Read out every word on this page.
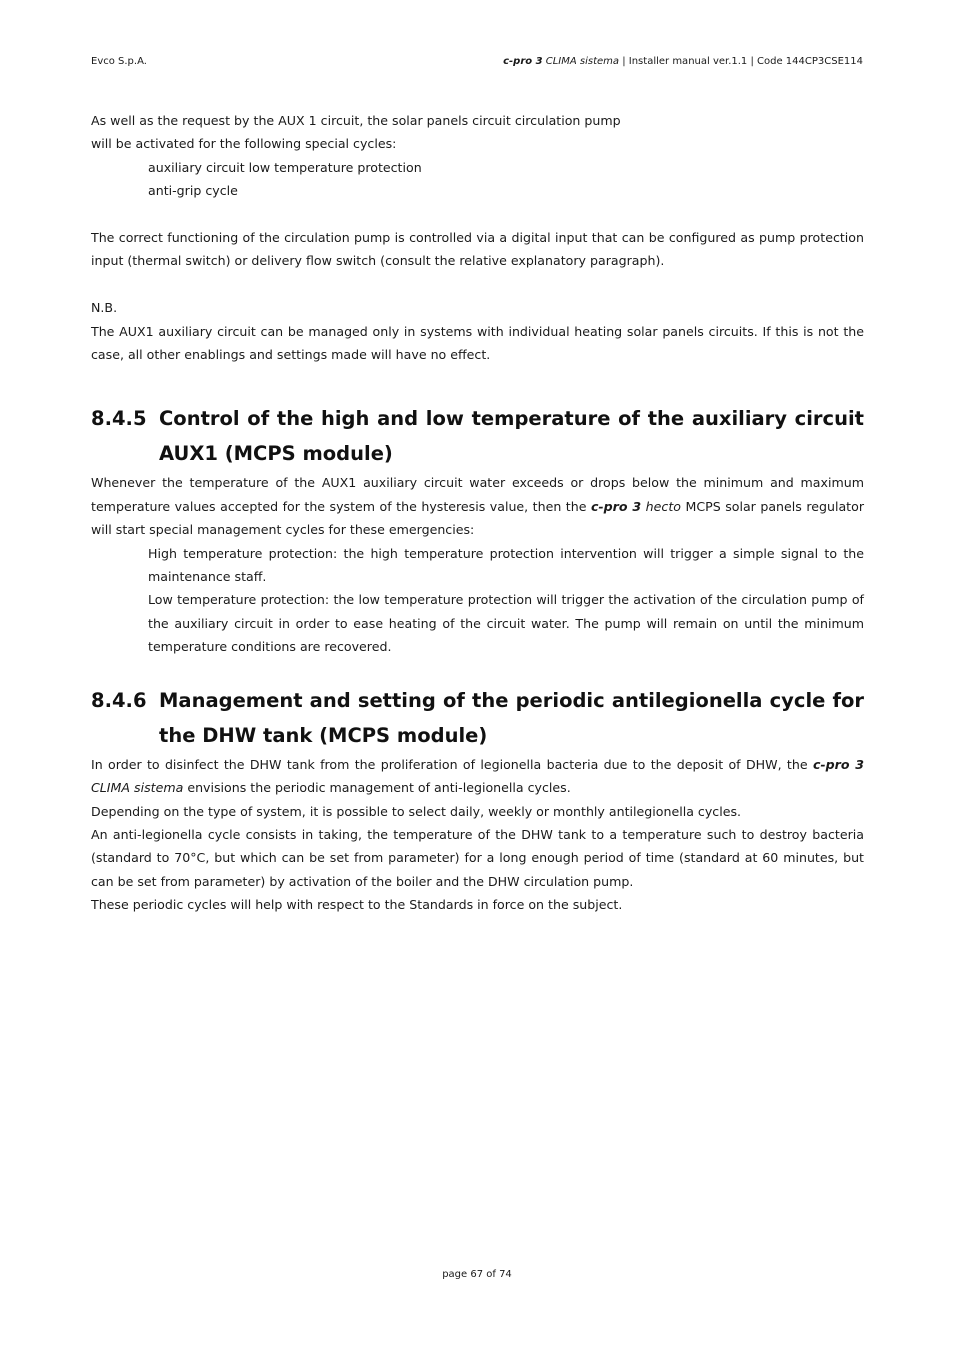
Evco S.p.A.	c-pro 3 CLIMA sistema | Installer manual ver.1.1 | Code 144CP3CSE114

As well as the request by the AUX 1 circuit, the solar panels circuit circulation pump

will be activated for the following special cycles:

auxiliary circuit low temperature protection

anti-grip cycle

The correct functioning of the circulation pump is controlled via a digital input that can be configured as pump protection input (thermal switch) or delivery flow switch (consult the relative explanatory paragraph).

N.B.

The AUX1 auxiliary circuit can be managed only in systems with individual heating solar panels circuits. If this is not the case, all other enablings and settings made will have no effect.

8.4.5 Control of the high and low temperature of the auxiliary circuit AUX1 (MCPS module)

Whenever the temperature of the AUX1 auxiliary circuit water exceeds or drops below the minimum and maximum temperature values accepted for the system of the hysteresis value, then the c-pro 3 hecto MCPS solar panels regulator will start special management cycles for these emergencies:

High temperature protection: the high temperature protection intervention will trigger a simple signal to the maintenance staff.

Low temperature protection: the low temperature protection will trigger the activation of the circulation pump of the auxiliary circuit in order to ease heating of the circuit water. The pump will remain on until the minimum temperature conditions are recovered.

8.4.6 Management and setting of the periodic antilegionella cycle for the DHW tank (MCPS module)

In order to disinfect the DHW tank from the proliferation of legionella bacteria due to the deposit of DHW, the c-pro 3 CLIMA sistema envisions the periodic management of anti-legionella cycles.

Depending on the type of system, it is possible to select daily, weekly or monthly antilegionella cycles.

An anti-legionella cycle consists in taking, the temperature of the DHW tank to a temperature such to destroy bacteria (standard to 70°C, but which can be set from parameter) for a long enough period of time (standard at 60 minutes, but can be set from parameter) by activation of the boiler and the DHW circulation pump.

These periodic cycles will help with respect to the Standards in force on the subject.

page 67 of 74
